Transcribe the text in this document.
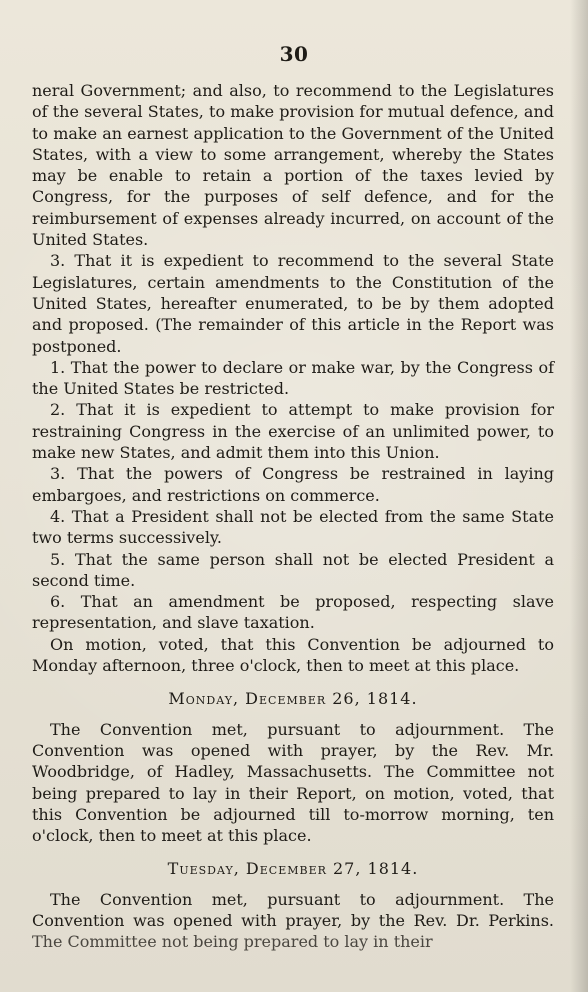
30

neral Government; and also, to recommend to the Legislatures of the several States, to make provision for mutual defence, and to make an earnest application to the Government of the United States, with a view to some arrangement, whereby the States may be enable to retain a portion of the taxes levied by Congress, for the purposes of self defence, and for the reimbursement of expenses already incurred, on account of the United States.

3. That it is expedient to recommend to the several State Legislatures, certain amendments to the Constitution of the United States, hereafter enumerated, to be by them adopted and proposed. (The remainder of this article in the Report was postponed.

1. That the power to declare or make war, by the Congress of the United States be restricted.

2. That it is expedient to attempt to make provision for restraining Congress in the exercise of an unlimited power, to make new States, and admit them into this Union.

3. That the powers of Congress be restrained in laying embargoes, and restrictions on commerce.

4. That a President shall not be elected from the same State two terms successively.

5. That the same person shall not be elected President a second time.

6. That an amendment be proposed, respecting slave representation, and slave taxation.

On motion, voted, that this Convention be adjourned to Monday afternoon, three o'clock, then to meet at this place.

Monday, December 26, 1814.

The Convention met, pursuant to adjournment. The Convention was opened with prayer, by the Rev. Mr. Woodbridge, of Hadley, Massachusetts. The Committee not being prepared to lay in their Report, on motion, voted, that this Convention be adjourned till to-morrow morning, ten o'clock, then to meet at this place.

Tuesday, December 27, 1814.

The Convention met, pursuant to adjournment. The Convention was opened with prayer, by the Rev. Dr. Perkins. The Committee not being prepared to lay in their
